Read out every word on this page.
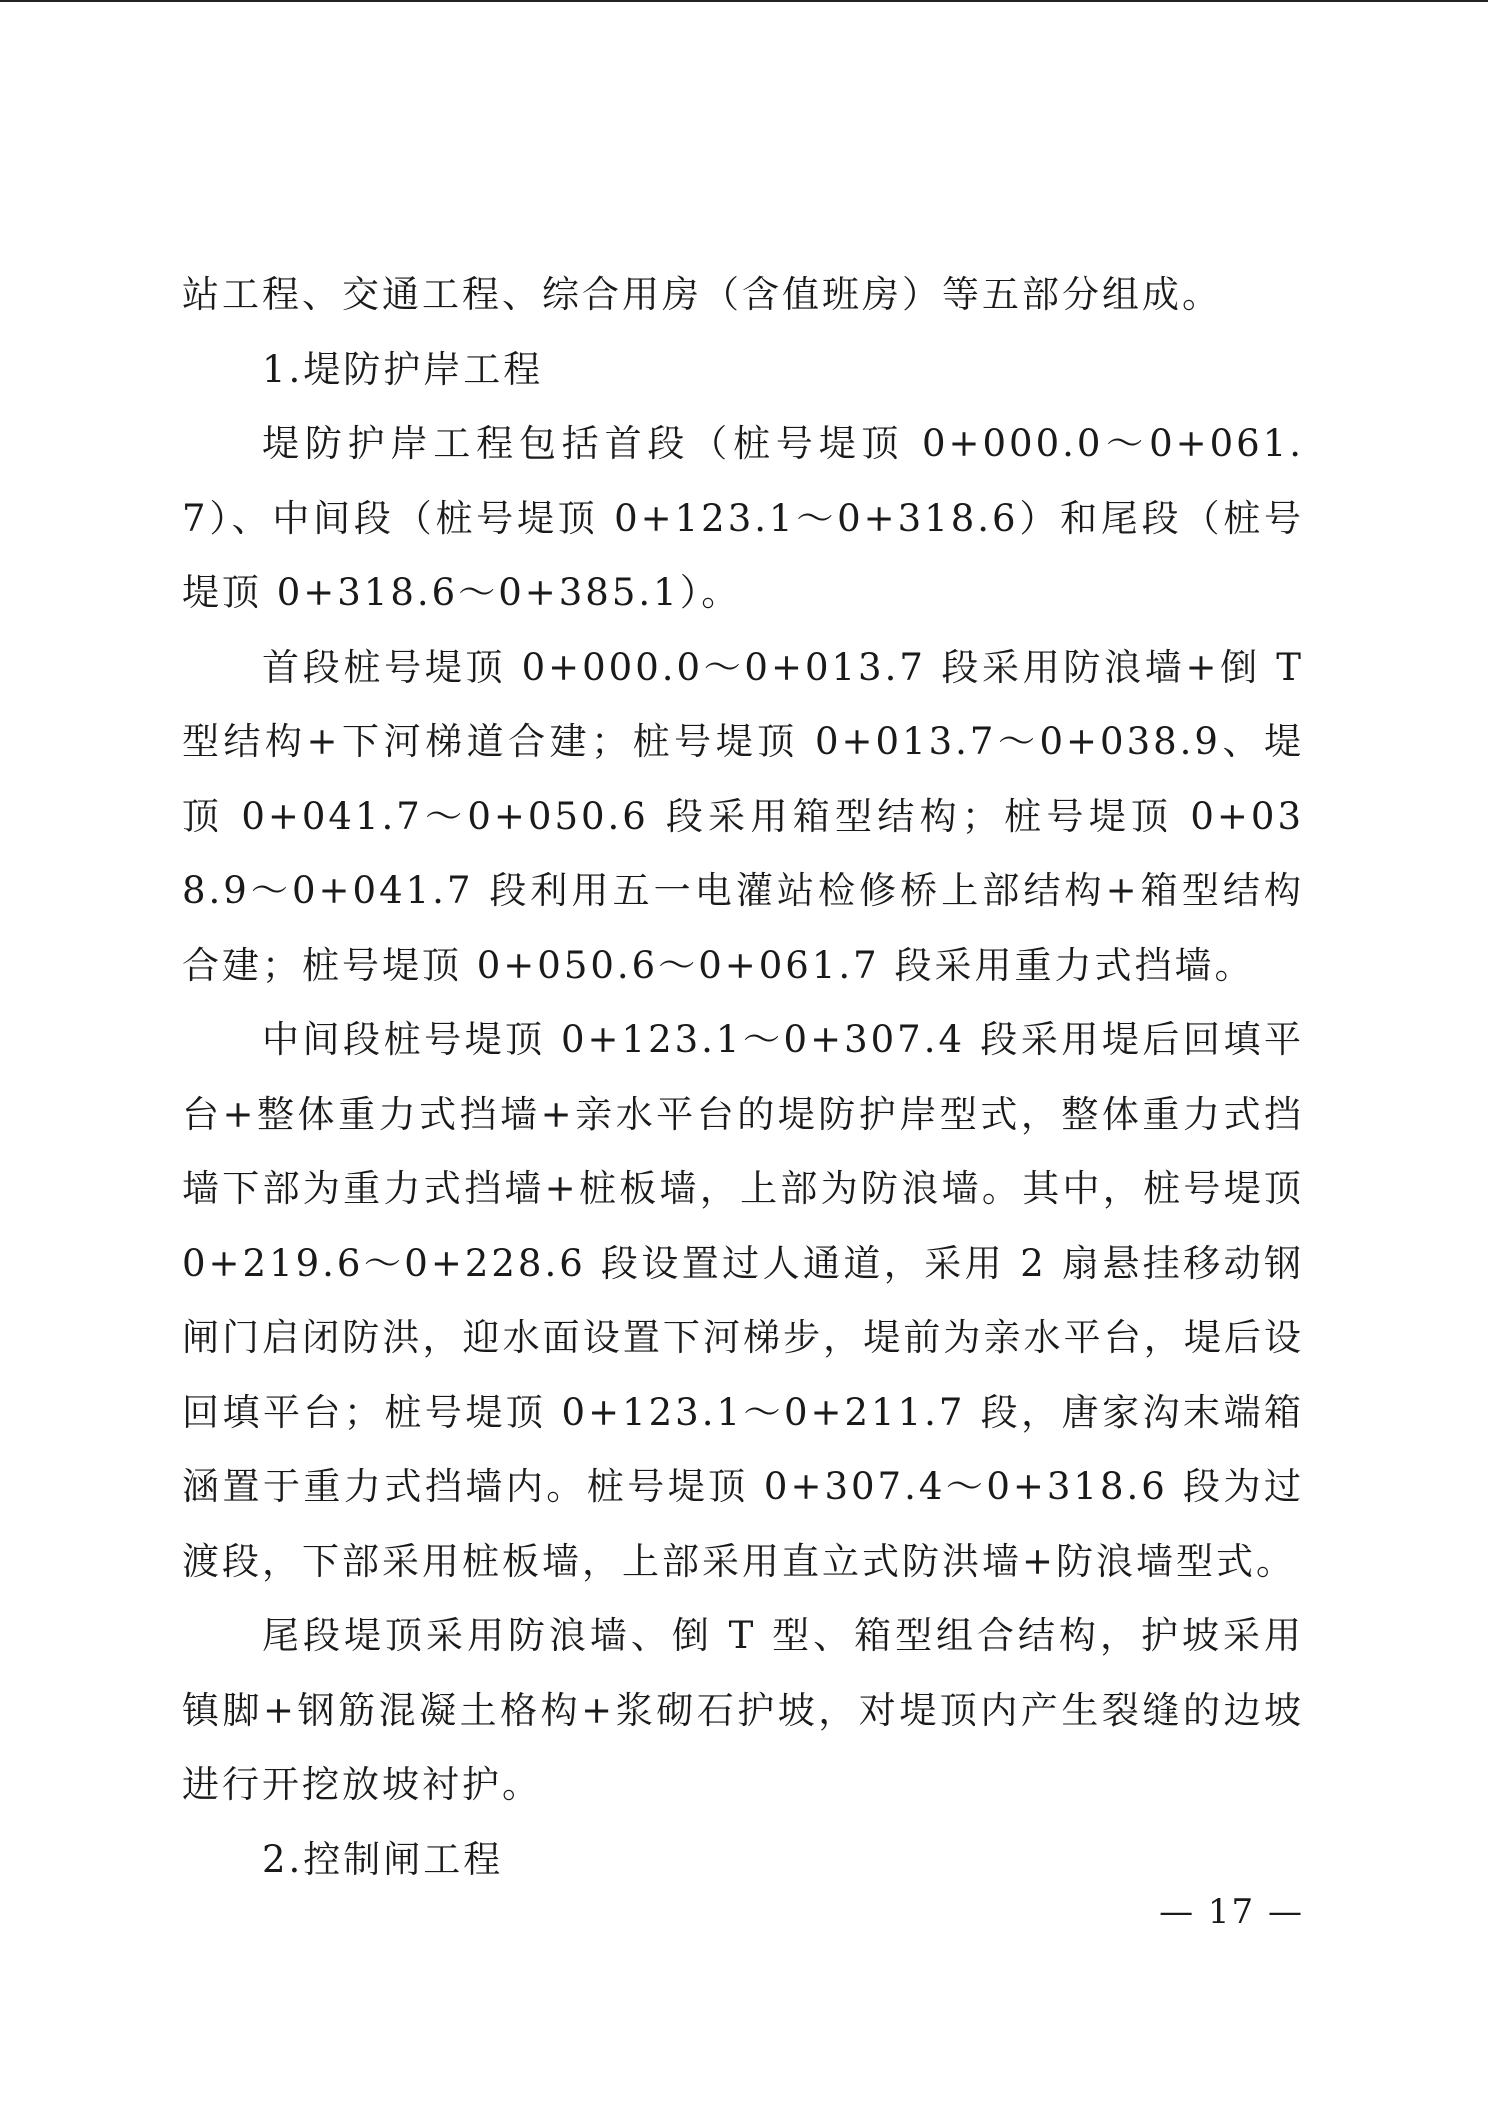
站工程、交通工程、综合用房（含值班房）等五部分组成。

1.堤防护岸工程

堤防护岸工程包括首段（桩号堤顶 0+000.0～0+061.7）、中间段（桩号堤顶 0+123.1～0+318.6）和尾段（桩号堤顶 0+318.6～0+385.1）。

首段桩号堤顶 0+000.0～0+013.7 段采用防浪墙+倒 T 型结构+下河梯道合建；桩号堤顶 0+013.7～0+038.9、堤顶 0+041.7～0+050.6 段采用箱型结构；桩号堤顶 0+038.9～0+041.7 段利用五一电灌站检修桥上部结构+箱型结构合建；桩号堤顶 0+050.6～0+061.7 段采用重力式挡墙。

中间段桩号堤顶 0+123.1～0+307.4 段采用堤后回填平台+整体重力式挡墙+亲水平台的堤防护岸型式，整体重力式挡墙下部为重力式挡墙+桩板墙，上部为防浪墙。其中，桩号堤顶 0+219.6～0+228.6 段设置过人通道，采用 2 扇悬挂移动钢闸门启闭防洪，迎水面设置下河梯步，堤前为亲水平台，堤后设回填平台；桩号堤顶 0+123.1～0+211.7 段，唐家沟末端箱涵置于重力式挡墙内。桩号堤顶 0+307.4～0+318.6 段为过渡段，下部采用桩板墙，上部采用直立式防洪墙+防浪墙型式。

尾段堤顶采用防浪墙、倒 T 型、箱型组合结构，护坡采用镇脚+钢筋混凝土格构+浆砌石护坡，对堤顶内产生裂缝的边坡进行开挖放坡衬护。

2.控制闸工程

— 17 —
